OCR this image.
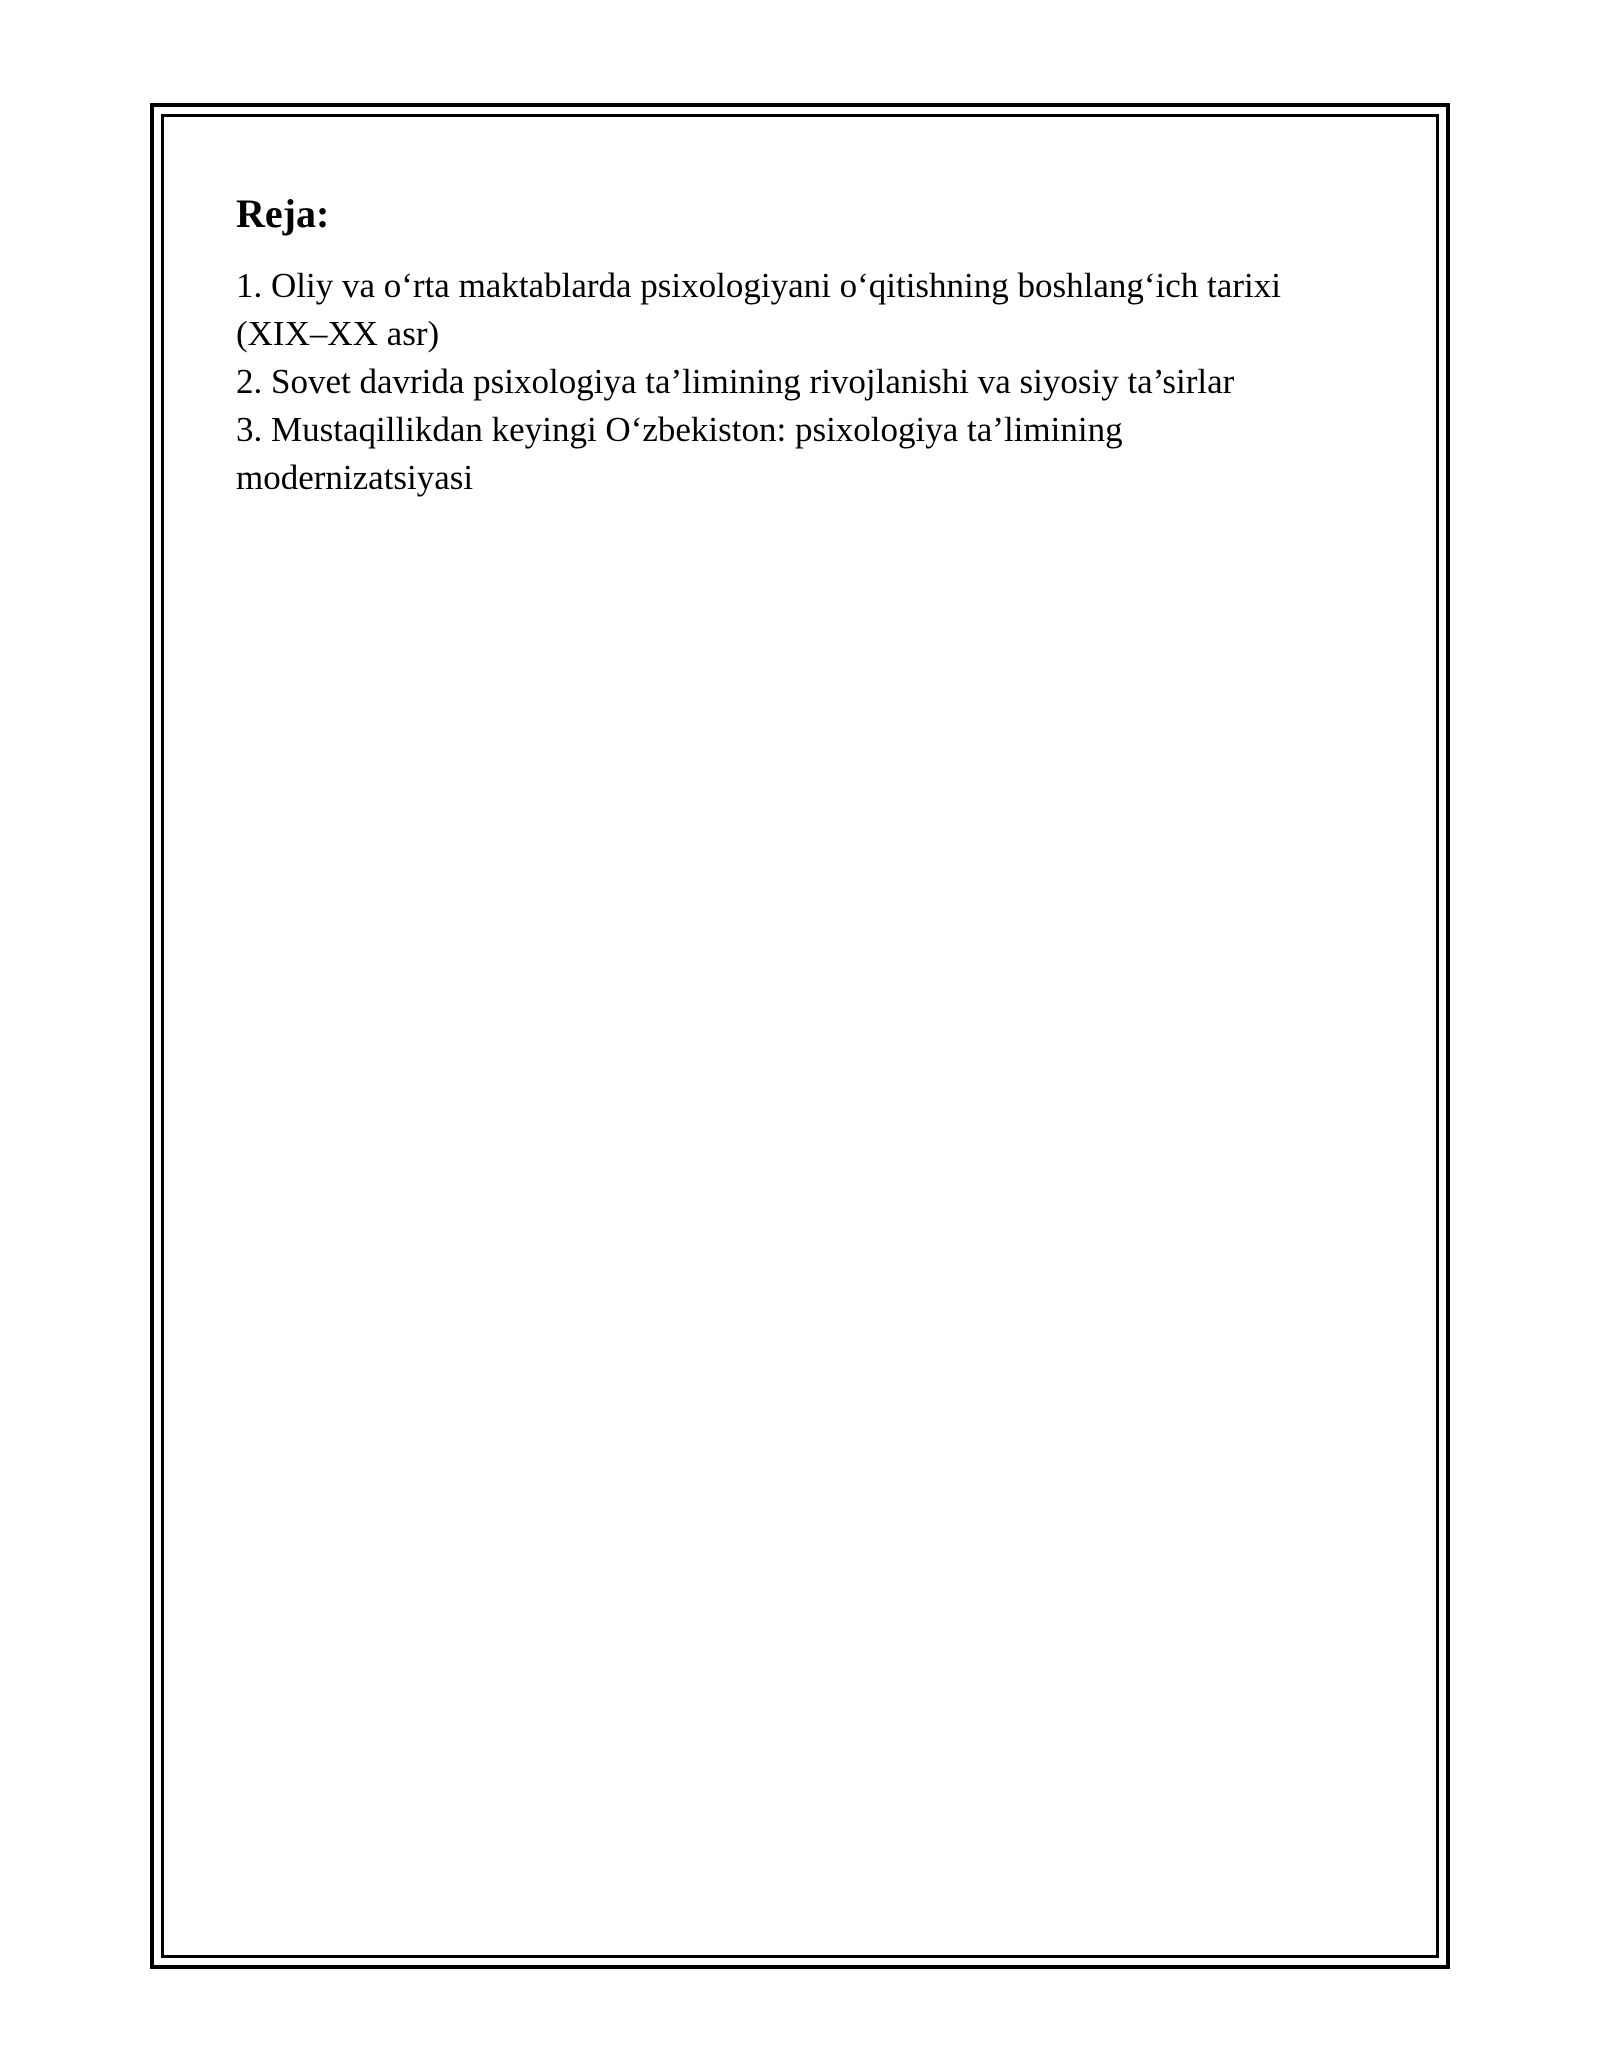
Reja:
1. Oliy va o‘rta maktablarda psixologiyani o‘qitishning boshlang‘ich tarixi (XIX–XX asr)
2. Sovet davrida psixologiya ta’limining rivojlanishi va siyosiy ta’sirlar
3. Mustaqillikdan keyingi O‘zbekiston: psixologiya ta’limining modernizatsiyasi
